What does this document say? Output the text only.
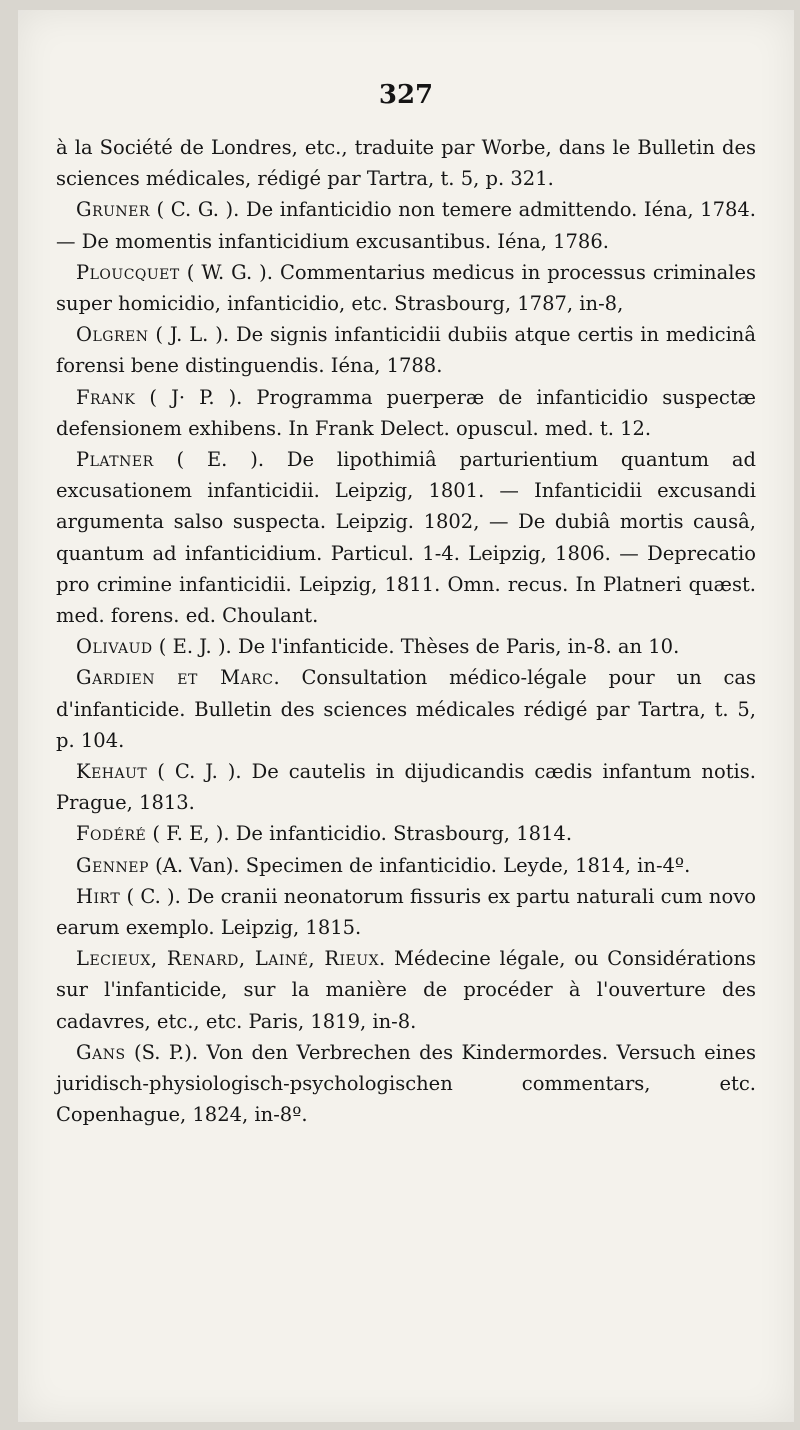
327

à la Société de Londres, etc., traduite par Worbe, dans le Bulletin des sciences médicales, rédigé par Tartra, t. 5, p. 321.

Gruner ( C. G. ). De infanticidio non temere admittendo. Iéna, 1784. — De momentis infanticidium excusantibus. Iéna, 1786.

Ploucquet ( W. G. ). Commentarius medicus in processus criminales super homicidio, infanticidio, etc. Strasbourg, 1787, in-8,

Olgren ( J. L. ). De signis infanticidii dubiis atque certis in medicinâ forensi bene distinguendis. Iéna, 1788.

Frank ( J· P. ). Programma puerperæ de infanticidio suspectæ defensionem exhibens. In Frank Delect. opuscul. med. t. 12.

Platner ( E. ). De lipothimiâ parturientium quantum ad excusationem infanticidii. Leipzig, 1801. — Infanticidii excusandi argumenta salso suspecta. Leipzig. 1802, — De dubiâ mortis causâ, quantum ad infanticidium. Particul. 1-4. Leipzig, 1806. — Deprecatio pro crimine infanticidii. Leipzig, 1811. Omn. recus. In Platneri quæst. med. forens. ed. Choulant.

Olivaud ( E. J. ). De l'infanticide. Thèses de Paris, in-8. an 10.

Gardien et Marc. Consultation médico-légale pour un cas d'infanticide. Bulletin des sciences médicales rédigé par Tartra, t. 5, p. 104.

Kehaut ( C. J. ). De cautelis in dijudicandis cædis infantum notis. Prague, 1813.

Fodéré ( F. E, ). De infanticidio. Strasbourg, 1814.

Gennep (A. Van). Specimen de infanticidio. Leyde, 1814, in-4º.

Hirt ( C. ). De cranii neonatorum fissuris ex partu naturali cum novo earum exemplo. Leipzig, 1815.

Lecieux, Renard, Lainé, Rieux. Médecine légale, ou Considérations sur l'infanticide, sur la manière de procéder à l'ouverture des cadavres, etc., etc. Paris, 1819, in-8.

Gans (S. P.). Von den Verbrechen des Kindermordes. Versuch eines juridisch-physiologisch-psychologischen commentars, etc. Copenhague, 1824, in-8º.
